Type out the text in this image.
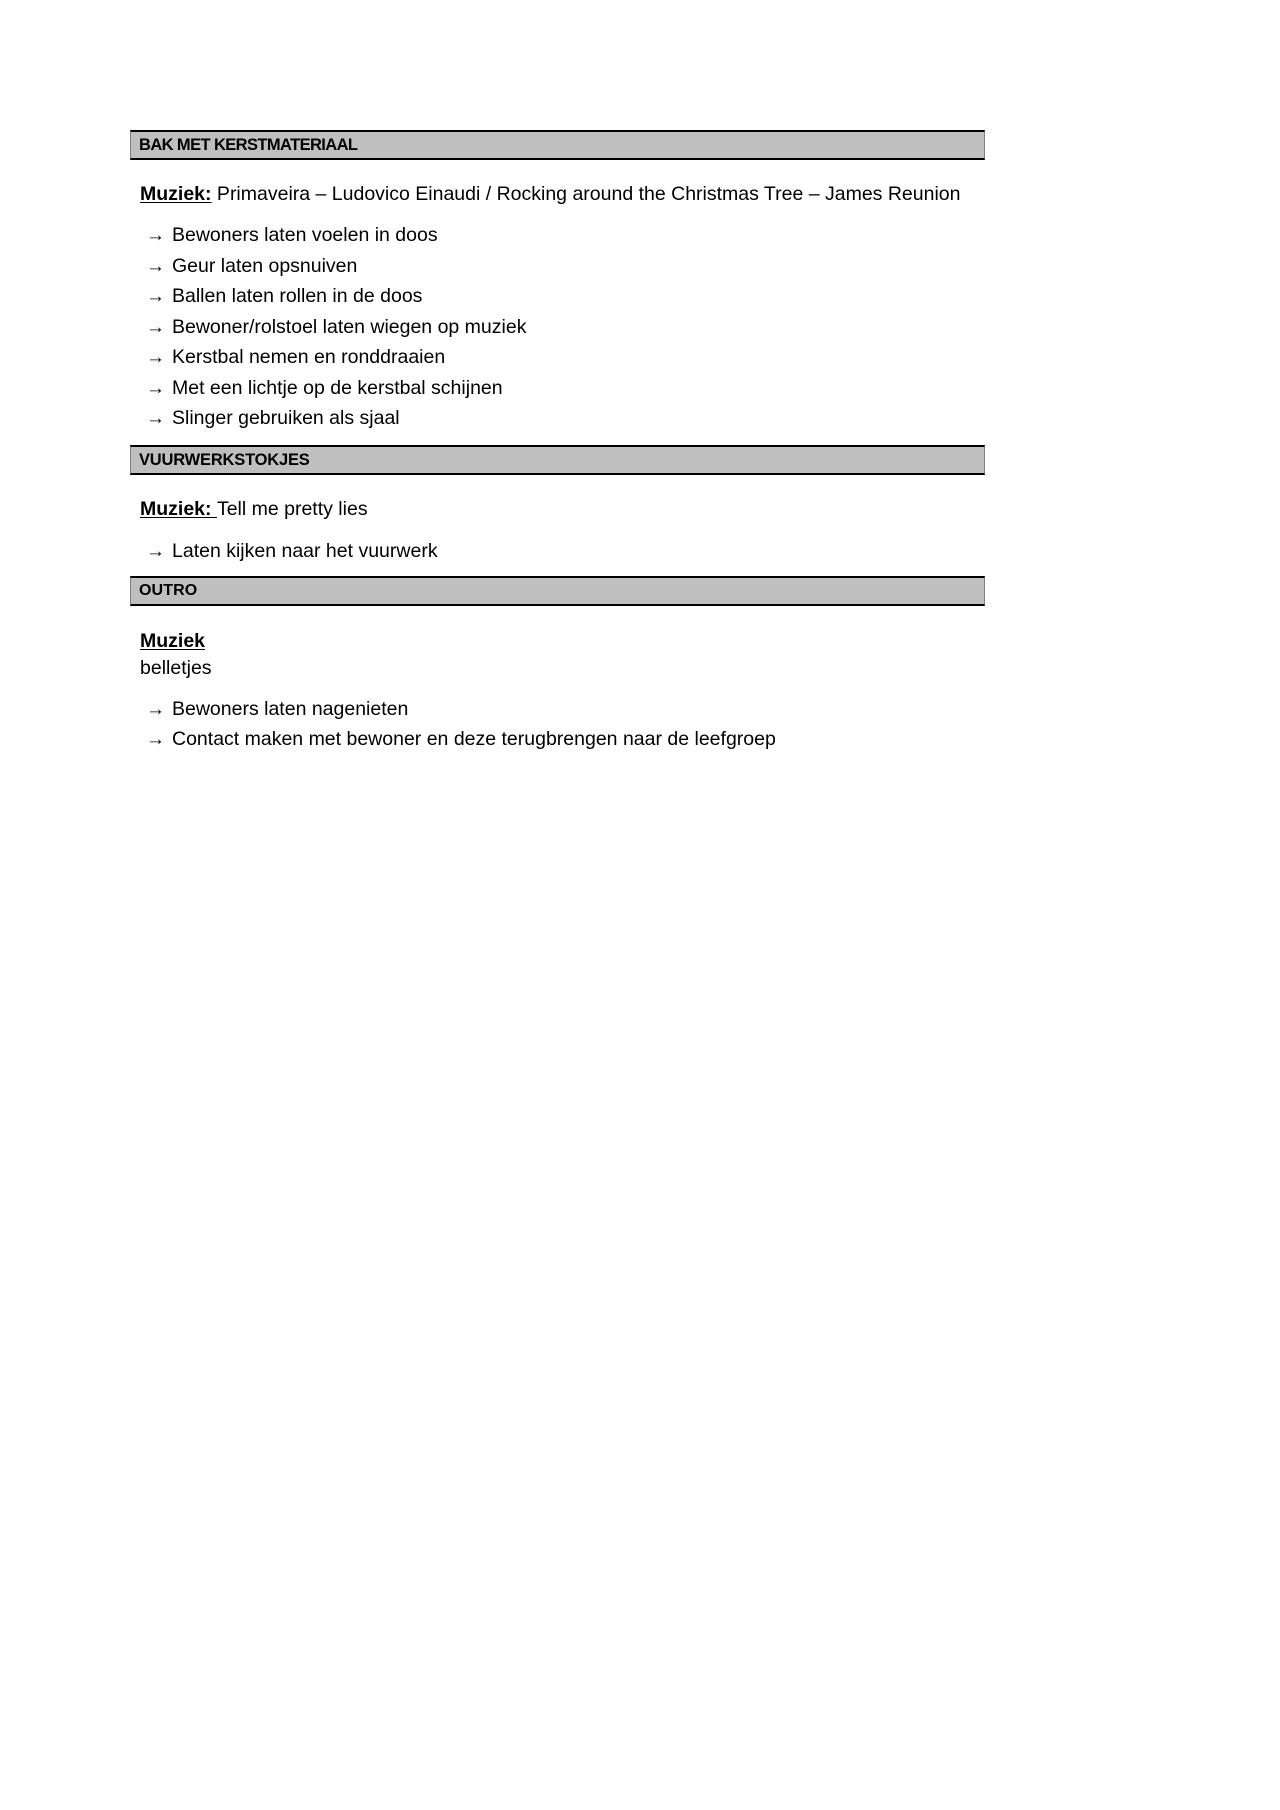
BAK MET KERSTMATERIAAL

Muziek: Primaveira – Ludovico Einaudi / Rocking around the Christmas Tree – James Reunion

→ Bewoners laten voelen in doos
→ Geur laten opsnuiven
→ Ballen laten rollen in de doos
→ Bewoner/rolstoel laten wiegen op muziek
→ Kerstbal nemen en ronddraaien
→ Met een lichtje op de kerstbal schijnen
→ Slinger gebruiken als sjaal
VUURWERKSTOKJES

Muziek: Tell me pretty lies

→ Laten kijken naar het vuurwerk
OUTRO
Muziek
belletjes
→ Bewoners laten nagenieten
→ Contact maken met bewoner en deze terugbrengen naar de leefgroep
